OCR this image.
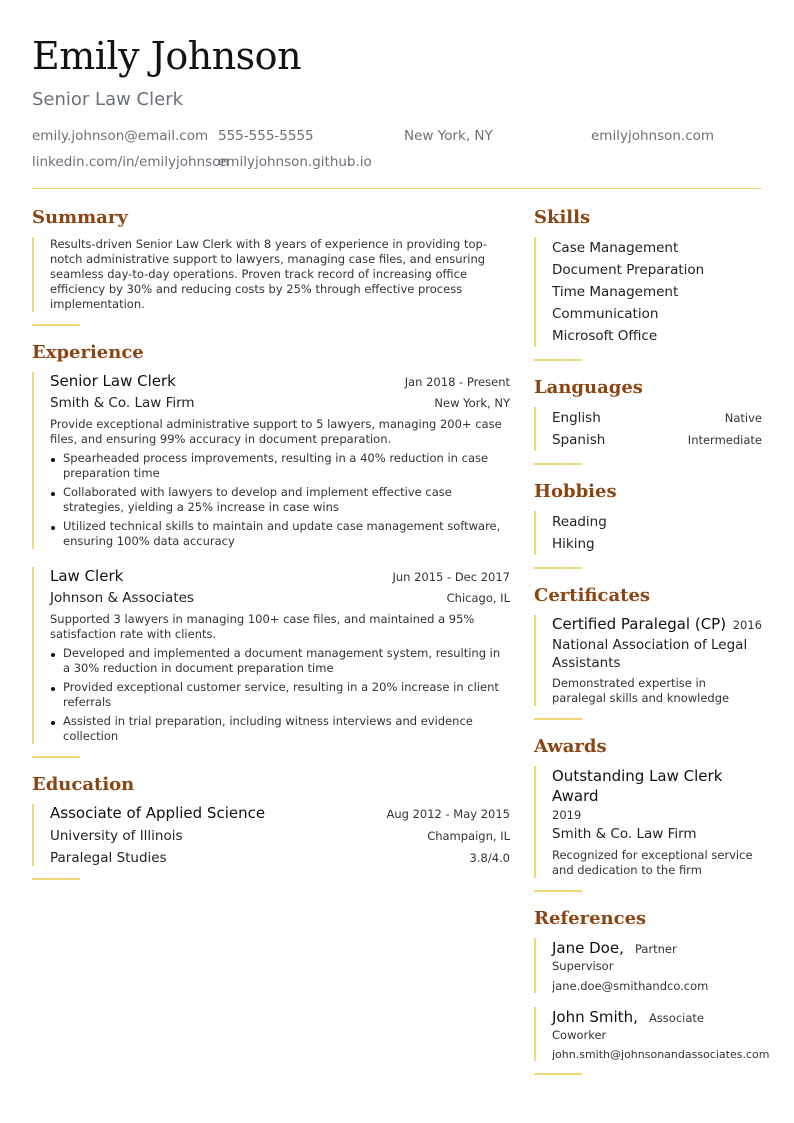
Emily Johnson
Senior Law Clerk
emily.johnson@email.com 555-555-5555	New York, NY	emilyjohnson.com
linkedin.com/in/emilyjohnson
emilyjohnson.github.io
Summary

Results-driven Senior Law Clerk with 8 years of experience in providing top-notch administrative support to lawyers, managing case files, and ensuring seamless day-to-day operations. Proven track record of increasing office efficiency by 30% and reducing costs by 25% through effective process implementation.

Experience
Senior Law Clerk	Jan 2018 - Present
Smith & Co. Law Firm	New York, NY
Provide exceptional administrative support to 5 lawyers, managing 200+ case files, and ensuring 99% accuracy in document preparation.
Spearheaded process improvements, resulting in a 40% reduction in case preparation time
Collaborated with lawyers to develop and implement effective case strategies, yielding a 25% increase in case wins
Utilized technical skills to maintain and update case management software, ensuring 100% data accuracy
Law Clerk	Jun 2015 - Dec 2017
Johnson & Associates	Chicago, IL
Supported 3 lawyers in managing 100+ case files, and maintained a 95% satisfaction rate with clients.
Developed and implemented a document management system, resulting in a 30% reduction in document preparation time
Provided exceptional customer service, resulting in a 20% increase in client referrals
Assisted in trial preparation, including witness interviews and evidence collection
Education
Associate of Applied Science	Aug 2012 - May 2015
University of Illinois	Champaign, IL
Paralegal Studies	3.8/4.0
Skills
Case Management
Document Preparation
Time Management
Communication
Microsoft Office
Languages
English	Native
Spanish	Intermediate
Hobbies
Reading
Hiking
Certificates
Certified Paralegal (CP) 2016
National Association of Legal Assistants
Demonstrated expertise in paralegal skills and knowledge
Awards
Outstanding Law Clerk Award
2019
Smith & Co. Law Firm
Recognized for exceptional service and dedication to the firm
References
Jane Doe, Partner
Supervisor
jane.doe@smithandco.com
John Smith, Associate
Coworker
john.smith@johnsonandassociates.com
